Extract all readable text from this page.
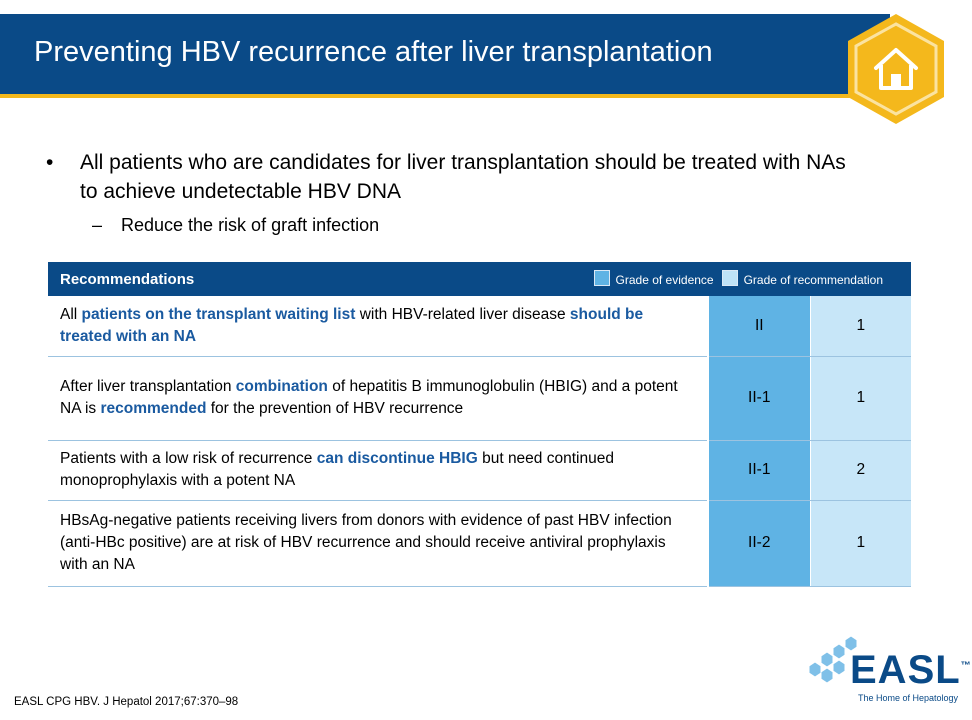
Preventing HBV recurrence after liver transplantation
• All patients who are candidates for liver transplantation should be treated with NAs to achieve undetectable HBV DNA
– Reduce the risk of graft infection
Recommendations Grade of evidence Grade of recommendation		

All patients on the transplant waiting list with HBV-related liver disease should be treated with an NA	II	1
After liver transplantation combination of hepatitis B immunoglobulin (HBIG) and a potent NA is recommended for the prevention of HBV recurrence	II-1	1
Patients with a low risk of recurrence can discontinue HBIG but need continued monoprophylaxis with a potent NA	II-1	2
HBsAg-negative patients receiving livers from donors with evidence of past HBV infection (anti-HBc positive) are at risk of HBV recurrence and should receive antiviral prophylaxis with an NA	II-2	1
EASL™
The Home of Hepatology
EASL CPG HBV. J Hepatol 2017;67:370–98
